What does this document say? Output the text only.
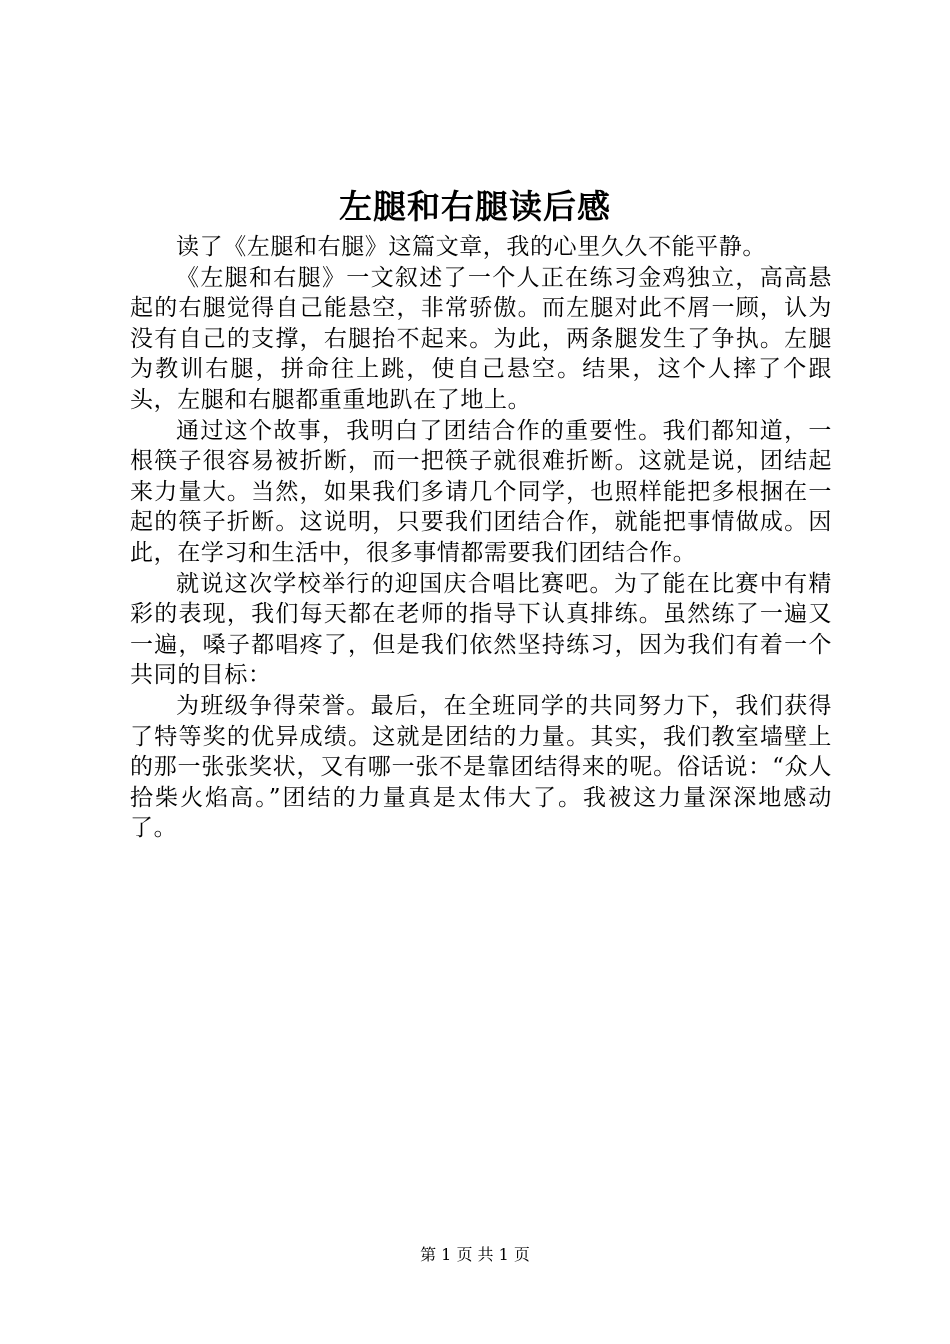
左腿和右腿读后感

读了《左腿和右腿》这篇文章，我的心里久久不能平静。

《左腿和右腿》一文叙述了一个人正在练习金鸡独立，高高悬起的右腿觉得自己能悬空，非常骄傲。而左腿对此不屑一顾，认为没有自己的支撑，右腿抬不起来。为此，两条腿发生了争执。左腿为教训右腿，拼命往上跳，使自己悬空。结果，这个人摔了个跟头，左腿和右腿都重重地趴在了地上。

通过这个故事，我明白了团结合作的重要性。我们都知道，一根筷子很容易被折断，而一把筷子就很难折断。这就是说，团结起来力量大。当然，如果我们多请几个同学，也照样能把多根捆在一起的筷子折断。这说明，只要我们团结合作，就能把事情做成。因此，在学习和生活中，很多事情都需要我们团结合作。

就说这次学校举行的迎国庆合唱比赛吧。为了能在比赛中有精彩的表现，我们每天都在老师的指导下认真排练。虽然练了一遍又一遍，嗓子都唱疼了，但是我们依然坚持练习，因为我们有着一个共同的目标：

为班级争得荣誉。最后，在全班同学的共同努力下，我们获得了特等奖的优异成绩。这就是团结的力量。其实，我们教室墙壁上的那一张张奖状，又有哪一张不是靠团结得来的呢。俗话说：“众人拾柴火焰高。”团结的力量真是太伟大了。我被这力量深深地感动了。

第 1 页 共 1 页
